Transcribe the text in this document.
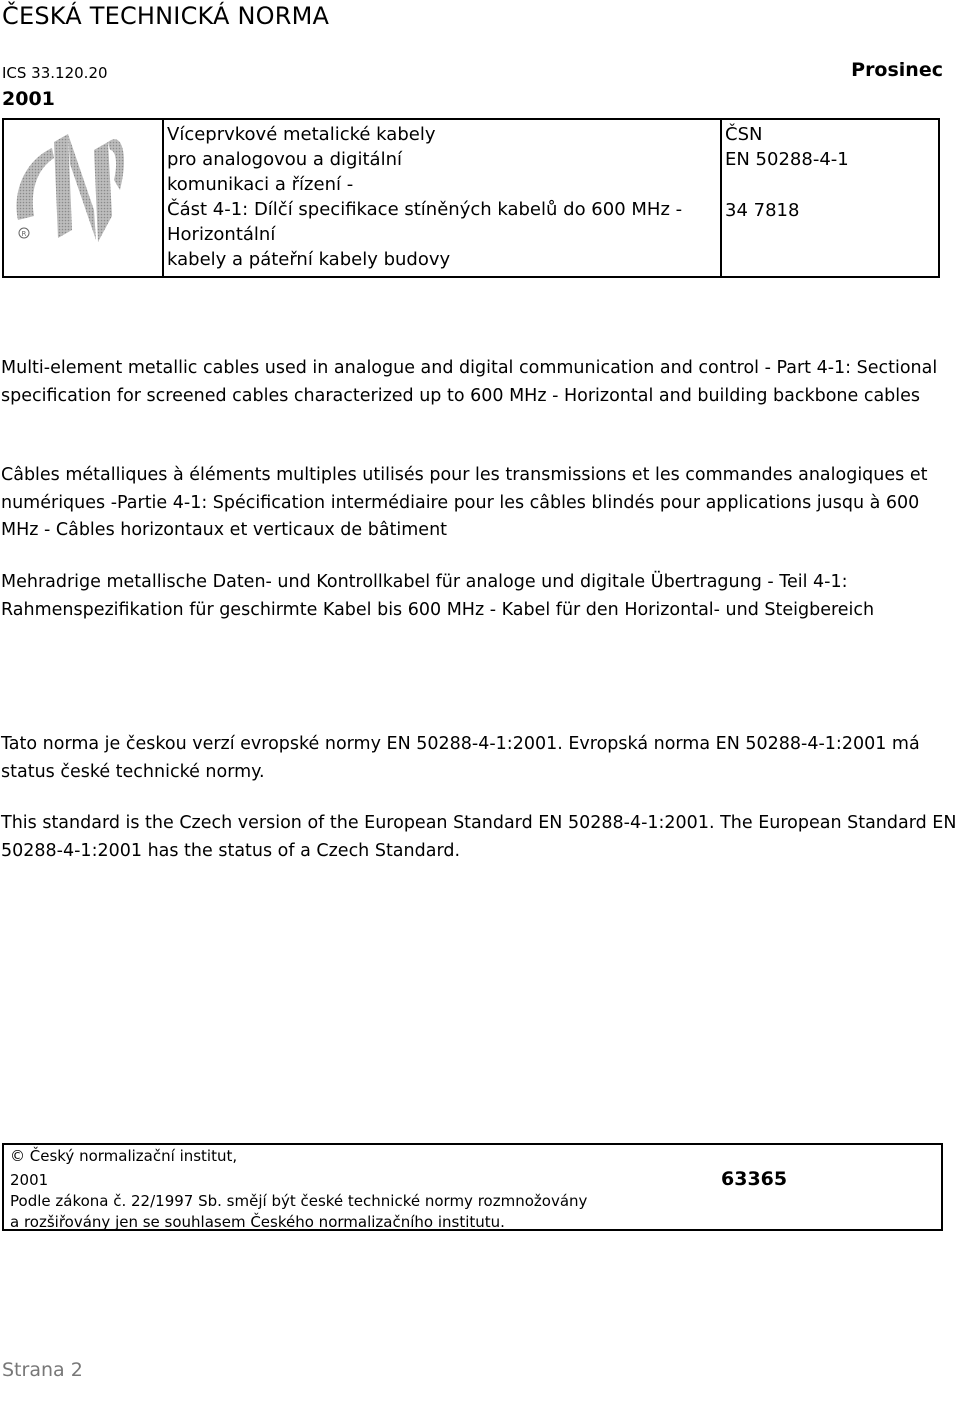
ČESKÁ TECHNICKÁ NORMA
ICS 33.120.20	Prosinec
2001
R
Víceprvkové metalické kabely
pro analogovou a digitální
komunikaci a řízení -
Část 4-1: Dílčí specifikace stíněných kabelů do 600 MHz -
Horizontální
kabely a páteřní kabely budovy
ČSN
EN 50288-4-1
34 7818
Multi-element metallic cables used in analogue and digital communication and control - Part 4-1: Sectional specification for screened cables characterized up to 600 MHz - Horizontal and building backbone cables
Câbles métalliques à éléments multiples utilisés pour les transmissions et les commandes analogiques et numériques -Partie 4-1: Spécification intermédiaire pour les câbles blindés pour applications jusqu à 600 MHz - Câbles horizontaux et verticaux de bâtiment
Mehradrige metallische Daten- und Kontrollkabel für analoge und digitale Übertragung - Teil 4-1: Rahmenspezifikation für geschirmte Kabel bis 600 MHz - Kabel für den Horizontal- und Steigbereich
Tato norma je českou verzí evropské normy EN 50288-4-1:2001. Evropská norma EN 50288-4-1:2001 má status české technické normy.
This standard is the Czech version of the European Standard EN 50288-4-1:2001. The European Standard EN 50288-4-1:2001 has the status of a Czech Standard.
© Český normalizační institut,
2001	63365
Podle zákona č. 22/1997 Sb. smějí být české technické normy rozmnožovány
a rozšiřovány jen se souhlasem Českého normalizačního institutu.
Strana 2
